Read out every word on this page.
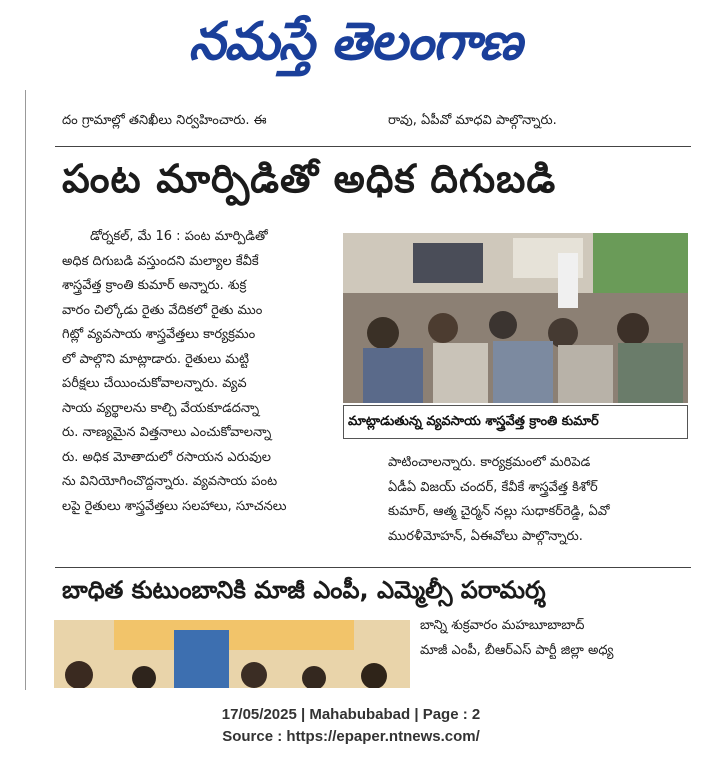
నమస్తే తెలంగాణ

దం గ్రామాల్లో తనిఖీలు నిర్వహించారు. ఈ	రావు, ఏపీవో మాధవి పాల్గొన్నారు.

పంట మార్పిడితో అధిక దిగుబడి

డోర్నకల్, మే 16 : పంట మార్పిడితో

అధిక దిగుబడి వస్తుందని మల్యాల కేవీకే

శాస్త్రవేత్త క్రాంతి కుమార్ అన్నారు. శుక్ర

వారం చిల్కోడు రైతు వేదికలో రైతు ముం

గిట్లో వ్యవసాయ శాస్త్రవేత్తలు కార్యక్రమం

లో పాల్గొని మాట్లాడారు. రైతులు మట్టి

పరీక్షలు చేయించుకోవాలన్నారు. వ్యవ

సాయ వ్యర్థాలను కాల్చి వేయకూడదన్నా

రు. నాణ్యమైన విత్తనాలు ఎంచుకోవాలన్నా

రు. అధిక మోతాదులో రసాయన ఎరువుల

ను వినియోగించొద్దన్నారు. వ్యవసాయ పంట

లపై రైతులు శాస్త్రవేత్తలు సలహాలు, సూచనలు

మాట్లాడుతున్న వ్యవసాయ శాస్త్రవేత్త క్రాంతి కుమార్

పాటించాలన్నారు. కార్యక్రమంలో మరిపెడ

ఏడీఏ విజయ్ చందర్, కేవీకే శాస్త్రవేత్త కిశోర్

కుమార్, ఆత్మ చైర్మన్ నల్లు సుధాకర్‌రెడ్డి, ఏవో

మురళీమోహన్, ఏఈవోలు పాల్గొన్నారు.

బాధిత కుటుంబానికి మాజీ ఎంపీ, ఎమ్మెల్సీ పరామర్శ

బాన్ని శుక్రవారం మహబూబాబాద్

మాజీ ఎంపీ, బీఆర్‌ఎస్ పార్టీ జిల్లా అధ్య

17/05/2025 | Mahabubabad | Page : 2
Source : https://epaper.ntnews.com/
